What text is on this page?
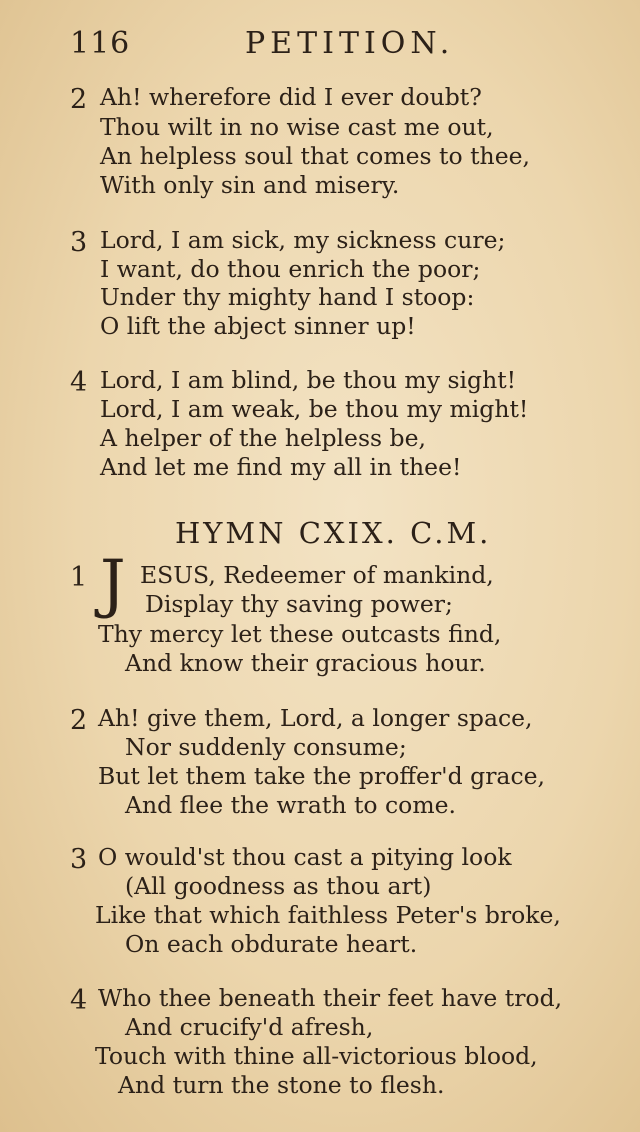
116	PETITION.
2 Ah! wherefore did I ever doubt?
Thou wilt in no wise cast me out,
An helpless soul that comes to thee,
With only sin and misery.
3 Lord, I am sick, my sickness cure;
I want, do thou enrich the poor;
Under thy mighty hand I stoop:
O lift the abject sinner up!
4 Lord, I am blind, be thou my sight!
Lord, I am weak, be thou my might!
A helper of the helpless be,
And let me find my all in thee!
HYMN CXIX. C.M.
1 J ESUS, Redeemer of mankind,
Display thy saving power;
Thy mercy let these outcasts find,
And know their gracious hour.
2 Ah! give them, Lord, a longer space,
Nor suddenly consume;
But let them take the proffer'd grace,
And flee the wrath to come.
3 O would'st thou cast a pitying look
(All goodness as thou art)
Like that which faithless Peter's broke,
On each obdurate heart.
4 Who thee beneath their feet have trod,
And crucify'd afresh,
Touch with thine all-victorious blood,
And turn the stone to flesh.
